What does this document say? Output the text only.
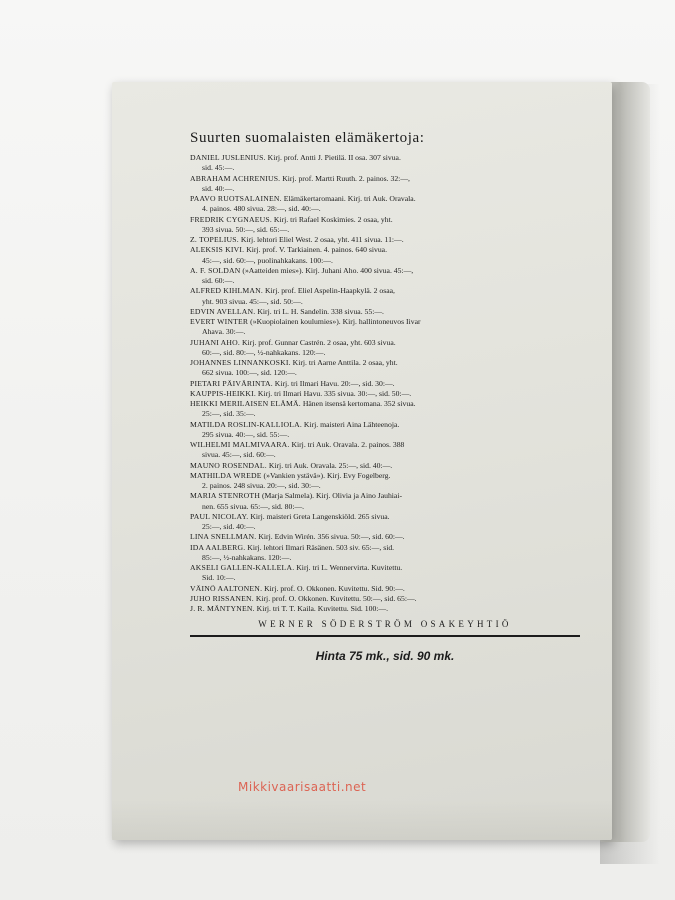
Suurten suomalaisten elämäkertoja:
DANIEL JUSLENIUS. Kirj. prof. Antti J. Pietilä. II osa. 307 sivua.
sid. 45:—.
ABRAHAM ACHRENIUS. Kirj. prof. Martti Ruuth. 2. painos. 32:—,
sid. 40:—.
PAAVO RUOTSALAINEN. Elämäkertaromaani. Kirj. tri Auk. Oravala.
4. painos. 480 sivua. 28:—, sid. 40:—.
FREDRIK CYGNAEUS. Kirj. tri Rafael Koskimies. 2 osaa, yht.
393 sivua. 50:—, sid. 65:—.
Z. TOPELIUS. Kirj. lehtori Eliel West. 2 osaa, yht. 411 sivua. 11:—.
ALEKSIS KIVI. Kirj. prof. V. Tarkiainen. 4. painos. 640 sivua.
45:—, sid. 60:—, puolinahkakans. 100:—.
A. F. SOLDAN (»Aatteiden mies»). Kirj. Juhani Aho. 400 sivua. 45:—,
sid. 60:—.
ALFRED KIHLMAN. Kirj. prof. Eliel Aspelin-Haapkylä. 2 osaa,
yht. 903 sivua. 45:—, sid. 50:—.
EDVIN AVELLAN. Kirj. tri L. H. Sandelin. 338 sivua. 55:—.
EVERT WINTER (»Kuopiolainen koulumies»). Kirj. hallintoneuvos Iivar
Ahava. 30:—.
JUHANI AHO. Kirj. prof. Gunnar Castrén. 2 osaa, yht. 603 sivua.
60:—, sid. 80:—, ½-nahkakans. 120:—.
JOHANNES LINNANKOSKI. Kirj. tri Aarne Anttila. 2 osaa, yht.
662 sivua. 100:—, sid. 120:—.
PIETARI PÄIVÄRINTA. Kirj. tri Ilmari Havu. 20:—, sid. 30:—.
KAUPPIS-HEIKKI. Kirj. tri Ilmari Havu. 335 sivua. 30:—, sid. 50:—.
HEIKKI MERILAISEN ELÄMÄ. Hänen itsensä kertomana. 352 sivua.
25:—, sid. 35:—.
MATILDA ROSLIN-KALLIOLA. Kirj. maisteri Aina Lähteenoja.
295 sivua. 40:—, sid. 55:—.
WILHELMI MALMIVAARA. Kirj. tri Auk. Oravala. 2. painos. 388
sivua. 45:—, sid. 60:—.
MAUNO ROSENDAL. Kirj. tri Auk. Oravala. 25:—, sid. 40:—.
MATHILDA WREDE (»Vankien ystävä»). Kirj. Evy Fogelberg.
2. painos. 248 sivua. 20:—, sid. 30:—.
MARIA STENROTH (Marja Salmela). Kirj. Olivia ja Aino Jauhiai-
nen. 655 sivua. 65:—, sid. 80:—.
PAUL NICOLAY. Kirj. maisteri Greta Langenskiöld. 265 sivua.
25:—, sid. 40:—.
LINA SNELLMAN. Kirj. Edvin Wirén. 356 sivua. 50:—, sid. 60:—.
IDA AALBERG. Kirj. lehtori Ilmari Räsänen. 503 siv. 65:—, sid.
85:—, ½-nahkakans. 120:—.
AKSELI GALLEN-KALLELA. Kirj. tri L. Wennervirta. Kuvitettu.
Sid. 10:—.
VÄINÖ AALTONEN. Kirj. prof. O. Okkonen. Kuvitettu. Sid. 90:—.
JUHO RISSANEN. Kirj. prof. O. Okkonen. Kuvitettu. 50:—, sid. 65:—.
J. R. MÄNTYNEN. Kirj. tri T. T. Kaila. Kuvitettu. Sid. 100:—.
WERNER SÖDERSTRÖM OSAKEYHTIÖ
Hinta 75 mk., sid. 90 mk.
Mikkivaarisaatti.net
